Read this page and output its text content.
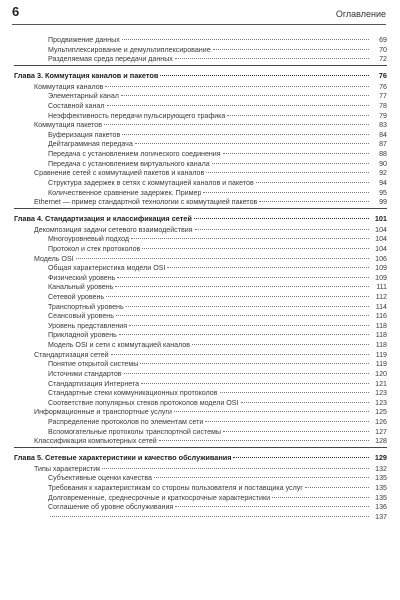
6	Оглавление
Продвижение данных	69
Мультиплексирование и демультиплексирование	70
Разделяемая среда передачи данных	72
Глава 3. Коммутация каналов и пакетов	76
Коммутация каналов	76
Элементарный канал	77
Составной канал	78
Неэффективность передачи пульсирующего трафика	79
Коммутация пакетов	83
Буферизация пакетов	84
Дейтаграммная передача	87
Передача с установлением логического соединения	88
Передача с установлением виртуального канала	90
Сравнение сетей с коммутацией пакетов и каналов	92
Структура задержек в сетях с коммутацией каналов и пакетов	94
Количественное сравнение задержек. Пример	95
Ethernet — пример стандартной технологии с коммутацией пакетов	99
Глава 4. Стандартизация и классификация сетей	101
Декомпозиция задачи сетевого взаимодействия	104
Многоуровневый подход	104
Протокол и стек протоколов	104
Модель OSI	106
Общая характеристика модели OSI	109
Физический уровень	109
Канальный уровень	111
Сетевой уровень	112
Транспортный уровень	114
Сеансовый уровень	116
Уровень представления	118
Прикладной уровень	118
Модель OSI и сети с коммутацией каналов	118
Стандартизация сетей	119
Понятие открытой системы	119
Источники стандартов	120
Стандартизация Интернета	121
Стандартные стеки коммуникационных протоколов	123
Соответствие популярных стеков протоколов модели OSI	123
Информационные и транспортные услуги	125
Распределение протоколов по элементам сети	126
Вспомогательные протоколы транспортной системы	127
Классификация компьютерных сетей	128
Глава 5. Сетевые характеристики и качество обслуживания	129
Типы характеристик	132
Субъективные оценки качества	135
Требования к характеристикам со стороны пользователя и поставщика услуг	135
Долговременные, среднесрочные и краткосрочные характеристики	135
Соглашение об уровне обслуживания	136
137
